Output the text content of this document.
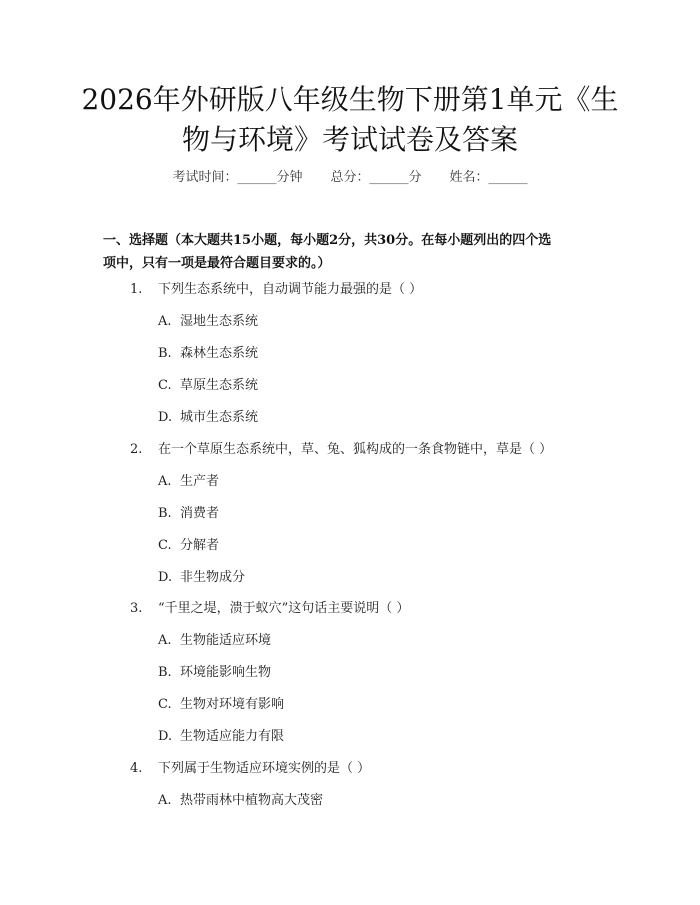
2026年外研版八年级生物下册第1单元《生
物与环境》考试试卷及答案
考试时间：______分钟 总分：______分 姓名：______
一、选择题（本大题共15小题，每小题2分，共30分。在每小题列出的四个选
项中，只有一项是最符合题目要求的。）
1. 下列生态系统中，自动调节能力最强的是（ ）
A. 湿地生态系统
B. 森林生态系统
C. 草原生态系统
D. 城市生态系统
2. 在一个草原生态系统中，草、兔、狐构成的一条食物链中，草是（ ）
A. 生产者
B. 消费者
C. 分解者
D. 非生物成分
3. “千里之堤，溃于蚁穴”这句话主要说明（ ）
A. 生物能适应环境
B. 环境能影响生物
C. 生物对环境有影响
D. 生物适应能力有限
4. 下列属于生物适应环境实例的是（ ）
A. 热带雨林中植物高大茂密
